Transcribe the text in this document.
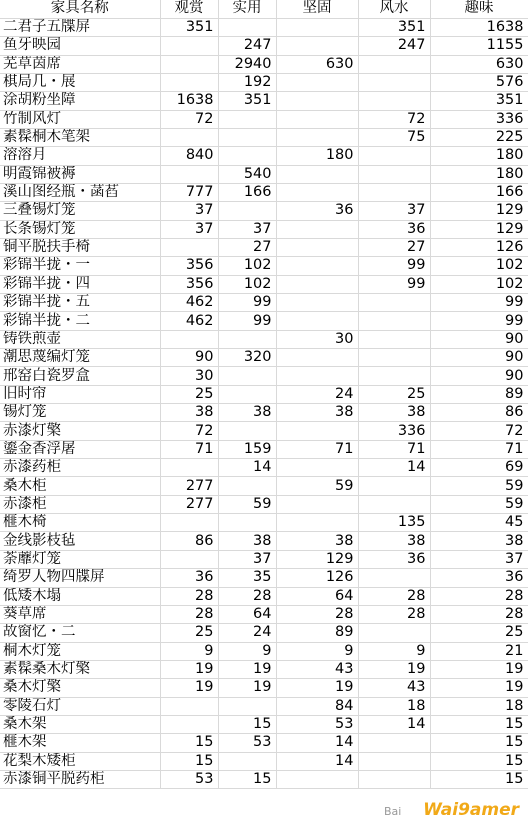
家具名称	观赏	实用	坚固	风水	趣味
二君子五牒屏	351			351	1638
鱼牙映园		247		247	1155
芜草茵席		2940	630		630
棋局几・展		192			576
涂胡粉坐障	1638	351			351
竹制风灯	72			72	336
素髹桐木笔架				75	225
溶溶月	840		180		180
明霞锦被褥		540			180
溪山图经瓶・菡萏	777	166			166
三叠锡灯笼	37		36	37	129
长条锡灯笼	37	37		36	129
铜平脱扶手椅		27		27	126
彩锦半拢・一	356	102		99	102
彩锦半拢・四	356	102		99	102
彩锦半拢・五	462	99			99
彩锦半拢・二	462	99			99
铸铁煎壶			30		90
潮思蔑编灯笼	90	320			90
邢窑白瓷罗盒	30				90
旧时帘	25		24	25	89
锡灯笼	38	38	38	38	86
赤漆灯檠	72			336	72
鎏金香浮屠	71	159	71	71	71
赤漆药柜		14		14	69
桑木柜	277		59		59
赤漆柜	277	59			59
榧木椅				135	45
金线影枝毡	86	38	38	38	38
荼蘼灯笼		37	129	36	37
绮罗人物四牒屏	36	35	126		36
低矮木塌	28	28	64	28	28
葵草席	28	64	28	28	28
故窗忆・二	25	24	89		25
桐木灯笼	9	9	9	9	21
素髹桑木灯檠	19	19	43	19	19
桑木灯檠	19	19	19	43	19
零陵石灯			84	18	18
桑木架		15	53	14	15
榧木架	15	53	14		15
花梨木矮柜	15		14		15
赤漆铜平脱药柜	53	15			15
Bai Wai9amer
